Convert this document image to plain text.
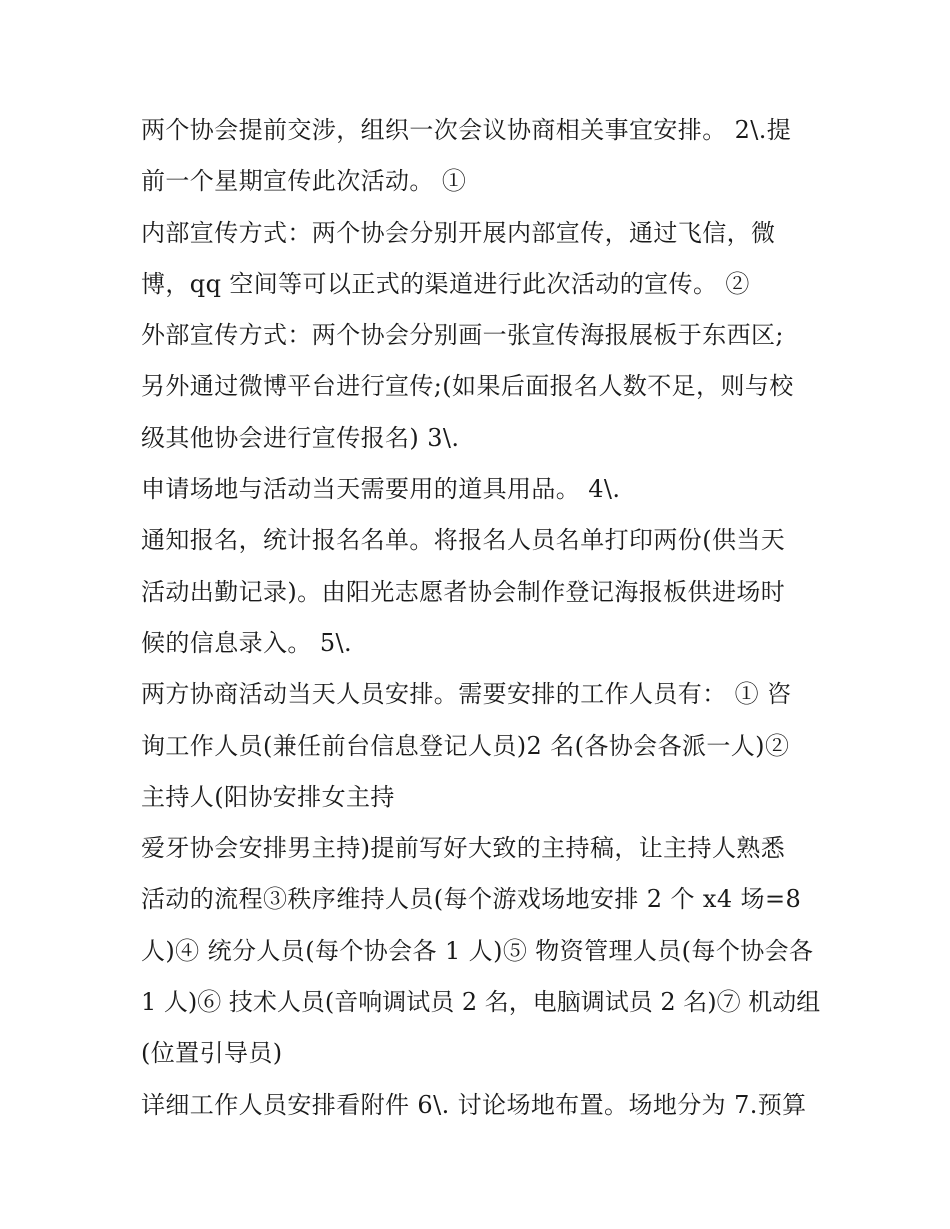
两个协会提前交涉，组织一次会议协商相关事宜安排。 2\.提
前一个星期宣传此次活动。 ①
内部宣传方式：两个协会分别开展内部宣传，通过飞信，微
博，qq 空间等可以正式的渠道进行此次活动的宣传。 ②
外部宣传方式：两个协会分别画一张宣传海报展板于东西区;
另外通过微博平台进行宣传;(如果后面报名人数不足，则与校
级其他协会进行宣传报名) 3\.
申请场地与活动当天需要用的道具用品。 4\.
通知报名，统计报名名单。将报名人员名单打印两份(供当天
活动出勤记录)。由阳光志愿者协会制作登记海报板供进场时
候的信息录入。 5\.
两方协商活动当天人员安排。需要安排的工作人员有： ① 咨
询工作人员(兼任前台信息登记人员)2 名(各协会各派一人)②
主持人(阳协安排女主持
爱牙协会安排男主持)提前写好大致的主持稿，让主持人熟悉
活动的流程③秩序维持人员(每个游戏场地安排 2 个 x4 场=8
人)④ 统分人员(每个协会各 1 人)⑤ 物资管理人员(每个协会各
1 人)⑥ 技术人员(音响调试员 2 名，电脑调试员 2 名)⑦ 机动组
(位置引导员)
详细工作人员安排看附件 6\. 讨论场地布置。场地分为 7.预算
